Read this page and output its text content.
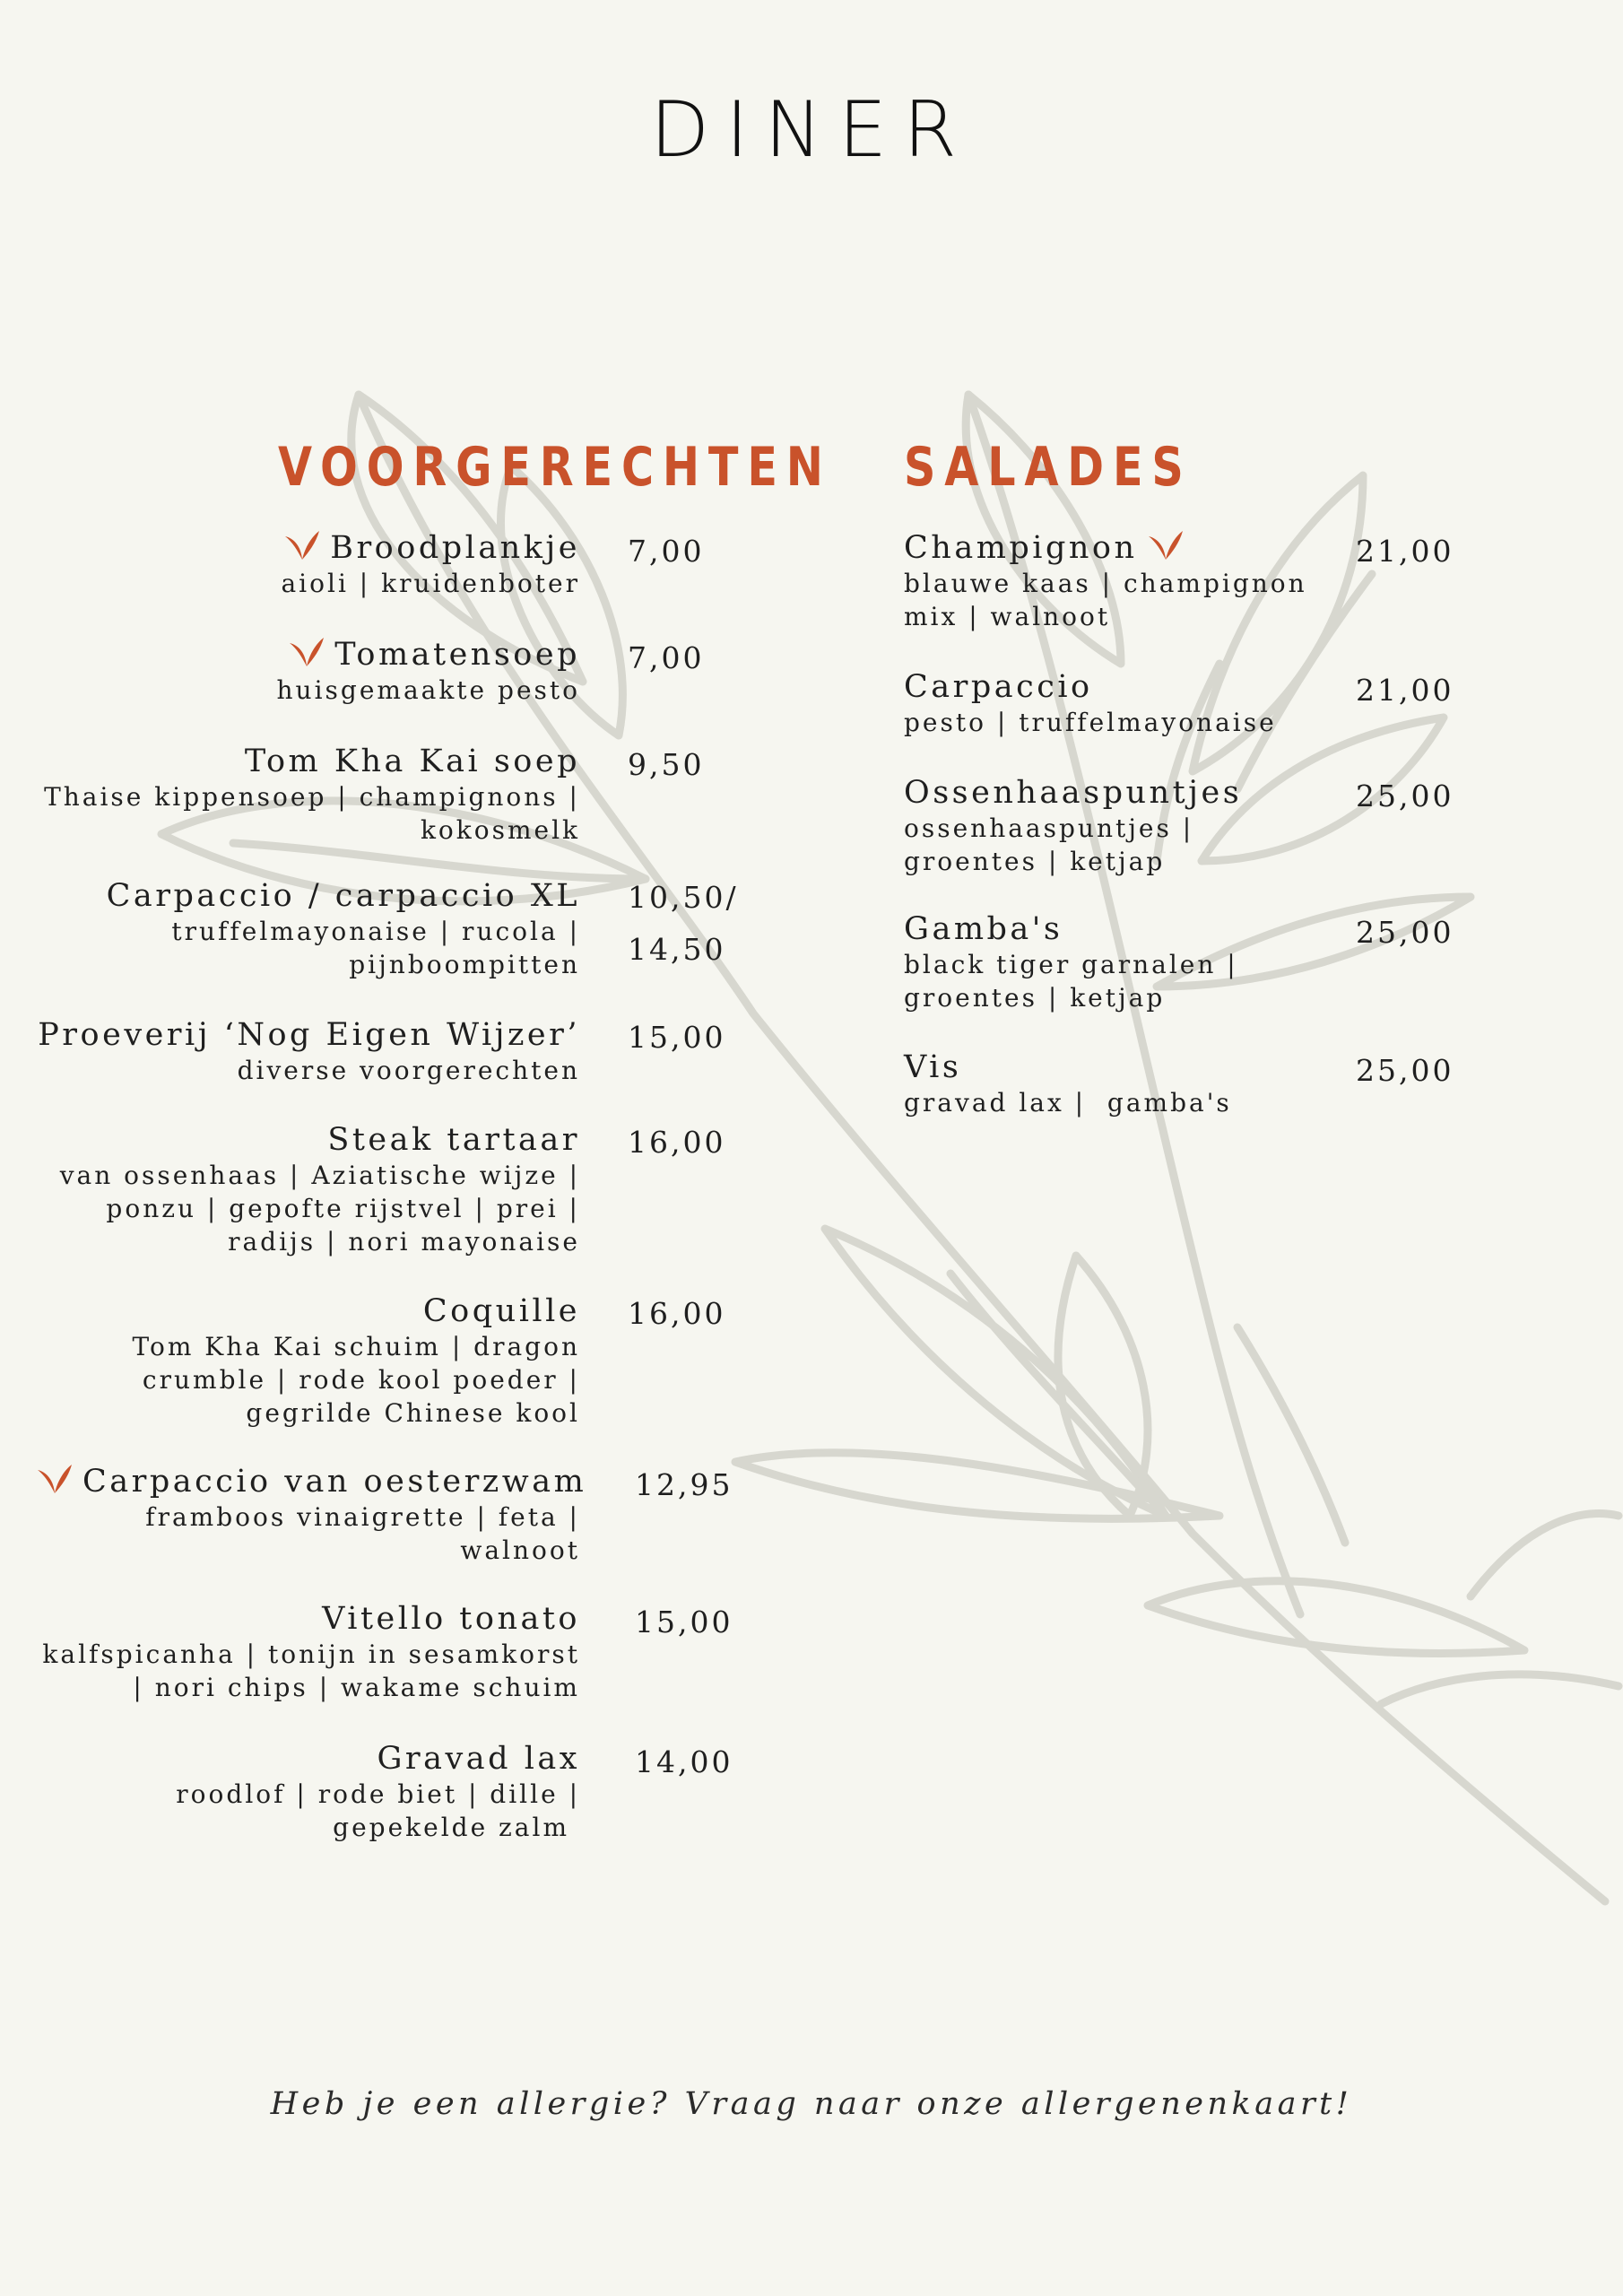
DINER
VOORGERECHTEN SALADES
Broodplankje
aioli | kruidenboter
7,00
Tomatensoep
huisgemaakte pesto
7,00
Tom Kha Kai soep
Thaise kippensoep | champignons |
kokosmelk
9,50
Carpaccio / carpaccio XL
truffelmayonaise | rucola |
pijnboompitten
10,50/
14,50
Proeverij ‘Nog Eigen Wijzer’
diverse voorgerechten
15,00
Steak tartaar
van ossenhaas | Aziatische wijze |
ponzu | gepofte rijstvel | prei |
radijs | nori mayonaise
16,00
Coquille
Tom Kha Kai schuim | dragon
crumble | rode kool poeder |
gegrilde Chinese kool
16,00
Carpaccio van oesterzwam
framboos vinaigrette | feta |
walnoot
12,95
Vitello tonato
kalfspicanha | tonijn in sesamkorst
| nori chips | wakame schuim
15,00
Gravad lax
roodlof | rode biet | dille |
gepekelde zalm
14,00
Champignon
blauwe kaas | champignon
mix | walnoot
21,00
Carpaccio
pesto | truffelmayonaise
21,00
Ossenhaaspuntjes
ossenhaaspuntjes |
groentes | ketjap
25,00
Gamba's
black tiger garnalen |
groentes | ketjap
25,00
Vis
gravad lax |  gamba's
25,00
Heb je een allergie? Vraag naar onze allergenenkaart!
